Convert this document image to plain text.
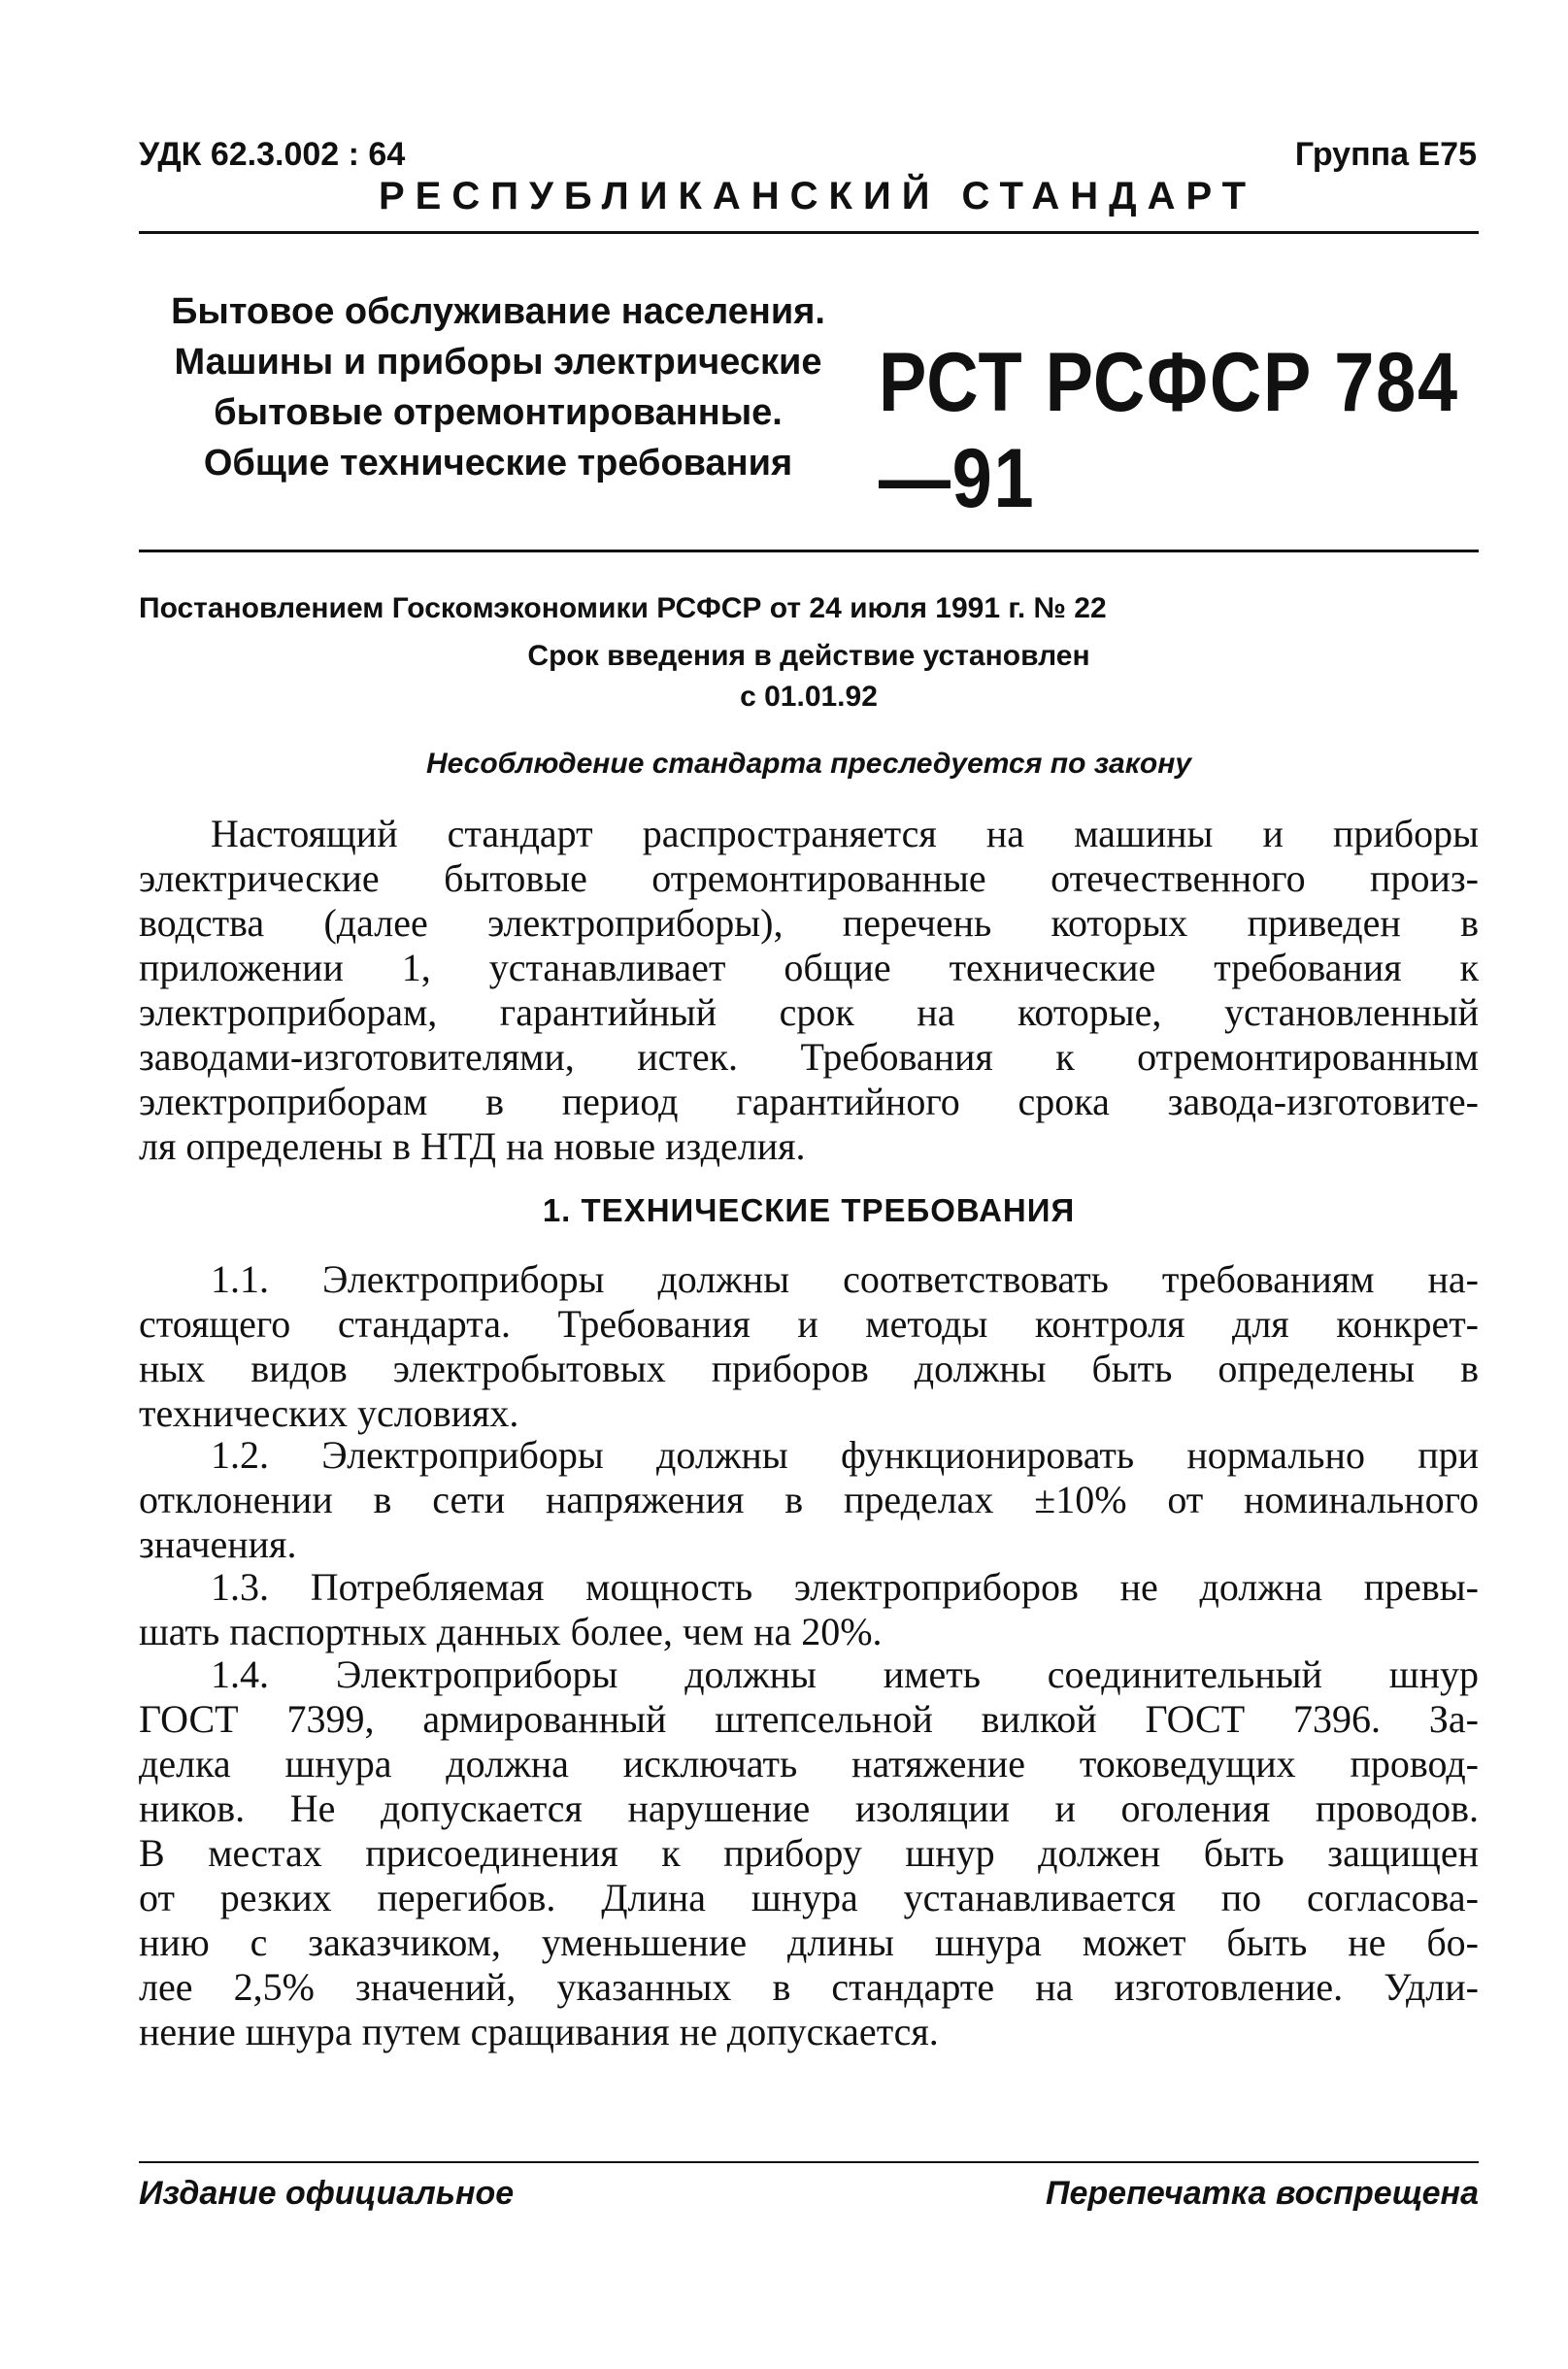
УДК 62.3.002 : 64	Группа Е75
РЕСПУБЛИКАНСКИЙ СТАНДАРТ
Бытовое обслуживание населения.
Машины и приборы электрические
бытовые отремонтированные.
Общие технические требования
РСТ РСФСР 784—91
Постановлением Госкомэкономики РСФСР от 24 июля 1991 г. № 22
Срок введения в действие установлен
с 01.01.92
Несоблюдение стандарта преследуется по закону
Настоящий стандарт распространяется на машины и приборы
электрические бытовые отремонтированные отечественного произ-
водства (далее электроприборы), перечень которых приведен в
приложении 1, устанавливает общие технические требования к
электроприборам, гарантийный срок на которые, установленный
заводами-изготовителями, истек. Требования к отремонтированным
электроприборам в период гарантийного срока завода-изготовите-
ля определены в НТД на новые изделия.
1. ТЕХНИЧЕСКИЕ ТРЕБОВАНИЯ
1.1. Электроприборы должны соответствовать требованиям на-
стоящего стандарта. Требования и методы контроля для конкрет-
ных видов электробытовых приборов должны быть определены в
технических условиях.
1.2. Электроприборы должны функционировать нормально при
отклонении в сети напряжения в пределах ±10% от номинального
значения.
1.3. Потребляемая мощность электроприборов не должна превы-
шать паспортных данных более, чем на 20%.
1.4. Электроприборы должны иметь соединительный шнур
ГОСТ 7399, армированный штепсельной вилкой ГОСТ 7396. За-
делка шнура должна исключать натяжение токоведущих провод-
ников. Не допускается нарушение изоляции и оголения проводов.
В местах присоединения к прибору шнур должен быть защищен
от резких перегибов. Длина шнура устанавливается по согласова-
нию с заказчиком, уменьшение длины шнура может быть не бо-
лее 2,5% значений, указанных в стандарте на изготовление. Удли-
нение шнура путем сращивания не допускается.
Издание официальное	Перепечатка воспрещена
